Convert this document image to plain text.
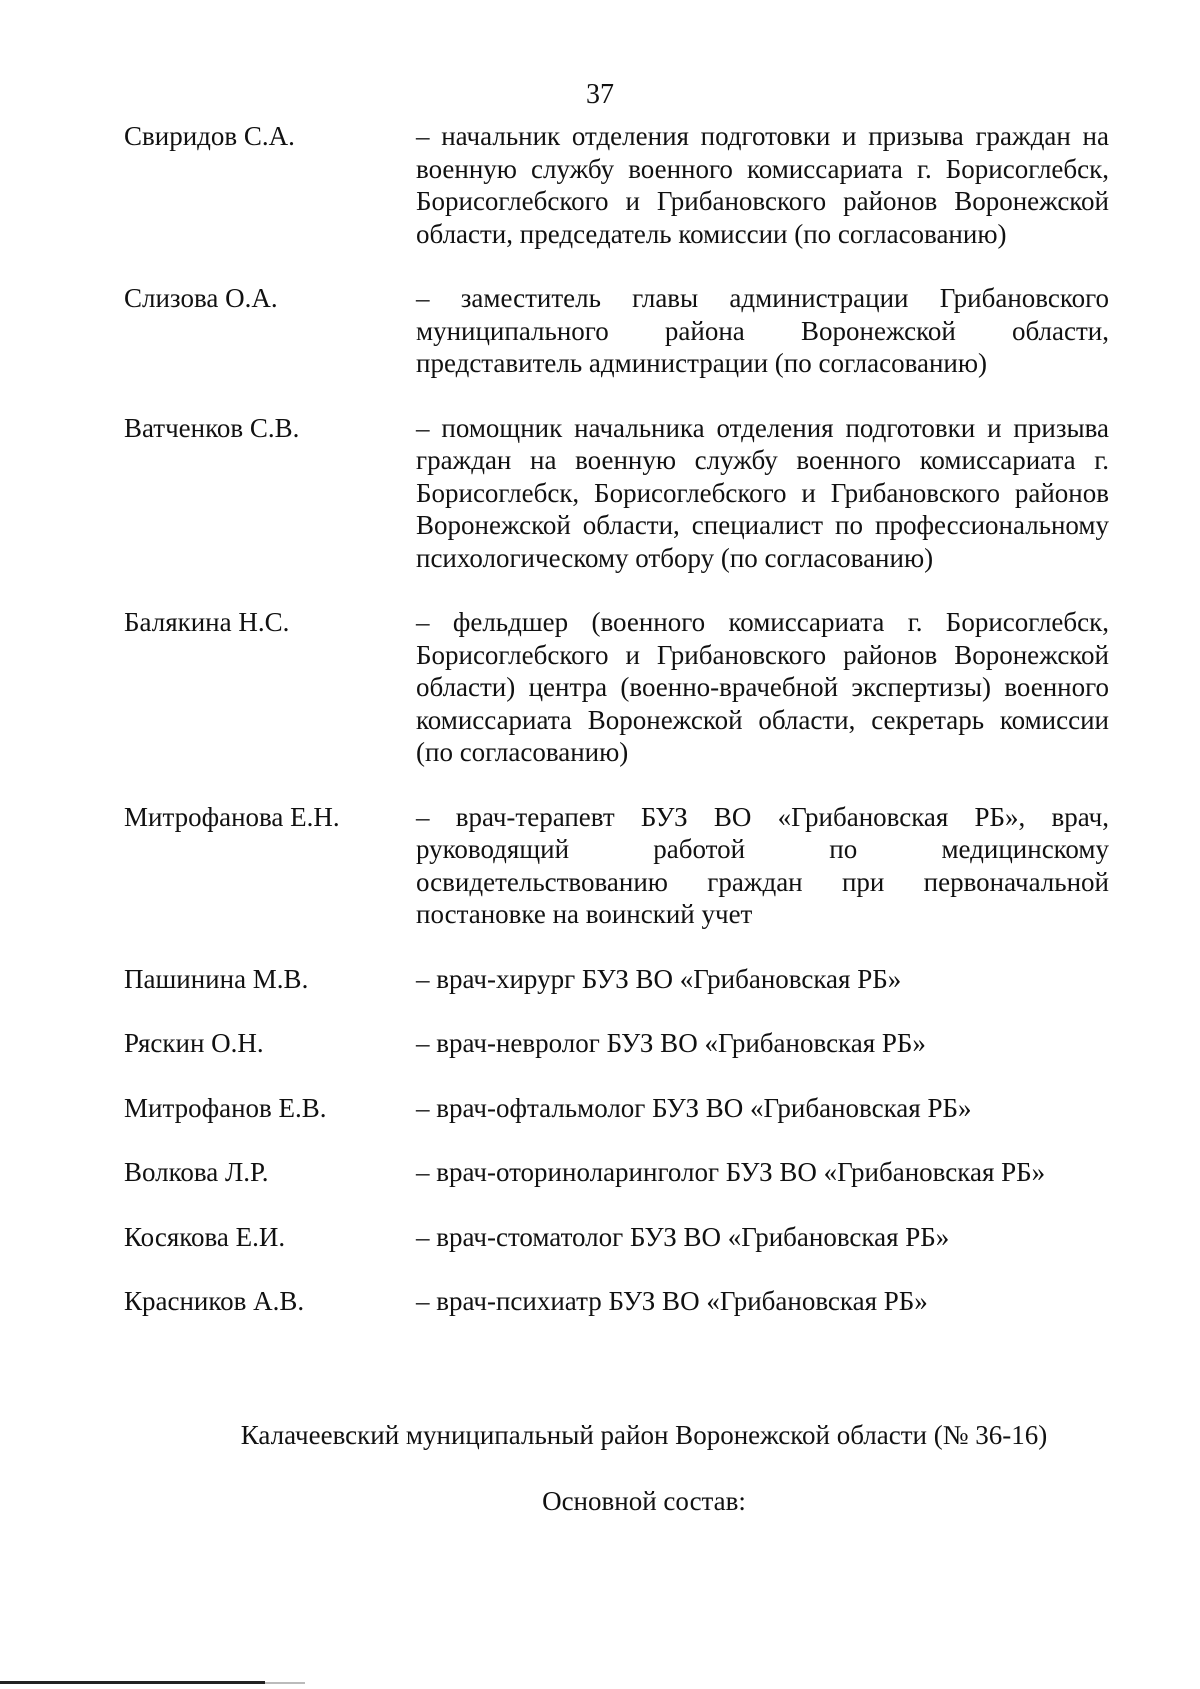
37
Свиридов С.А.	– начальник отделения подготовки и призыва граждан на военную службу военного комиссариата г. Борисоглебск, Борисоглебского и Грибановского районов Воронежской области, председатель комиссии (по согласованию)
Слизова О.А.	– заместитель главы администрации Грибановского муниципального района Воронежской области, представитель администрации (по согласованию)
Ватченков С.В.	– помощник начальника отделения подготовки и призыва граждан на военную службу военного комиссариата г. Борисоглебск, Борисоглебского и Грибановского районов Воронежской области, специалист по профессиональному психологическому отбору (по согласованию)
Балякина Н.С.	– фельдшер (военного комиссариата г. Борисоглебск, Борисоглебского и Грибановского районов Воронежской области) центра (военно-врачебной экспертизы) военного комиссариата Воронежской области, секретарь комиссии (по согласованию)
Митрофанова Е.Н.	– врач-терапевт БУЗ ВО «Грибановская РБ», врач, руководящий работой по медицинскому освидетельствованию граждан при первоначальной постановке на воинский учет
Пашинина М.В.	– врач-хирург БУЗ ВО «Грибановская РБ»
Ряскин О.Н.	– врач-невролог БУЗ ВО «Грибановская РБ»
Митрофанов Е.В.	– врач-офтальмолог БУЗ ВО «Грибановская РБ»
Волкова Л.Р.	– врач-оториноларинголог БУЗ ВО «Грибановская РБ»
Косякова Е.И.	– врач-стоматолог БУЗ ВО «Грибановская РБ»
Красников А.В.	– врач-психиатр БУЗ ВО «Грибановская РБ»
Калачеевский муниципальный район Воронежской области (№ 36-16)
Основной состав:
